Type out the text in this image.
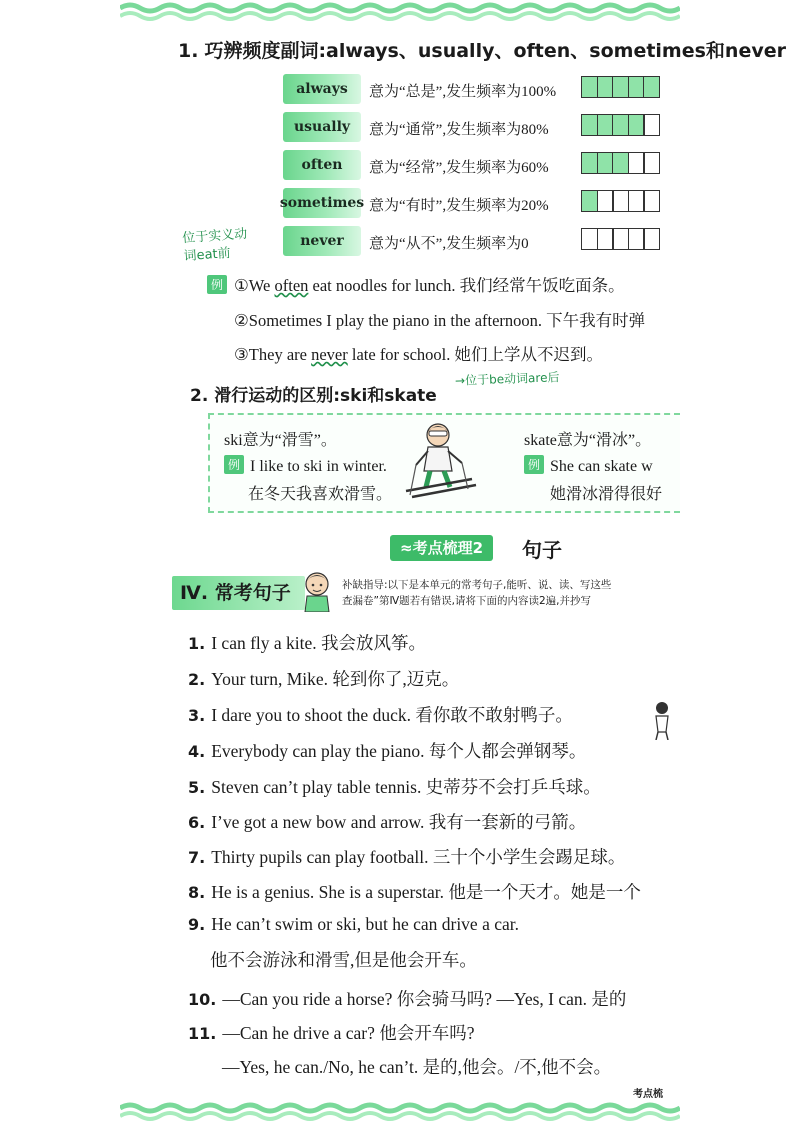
1. 巧辨频度副词:always、usually、often、sometimes和never
always	意为“总是”,发生频率为100%
usually	意为“通常”,发生频率为80%
often	意为“经常”,发生频率为60%
sometimes 意为“有时”,发生频率为20%
never	意为“从不”,发生频率为0
位于实义动
词eat前
例 ①We often eat noodles for lunch. 我们经常午饭吃面条。
②Sometimes I play the piano in the afternoon. 下午我有时弹
③They are never late for school. 她们上学从不迟到。
2. 滑行运动的区别:ski和skate
→位于be动词are后
ski意为“滑雪”。
例 I like to ski in winter.
在冬天我喜欢滑雪。
skate意为“滑冰”。
例 She can skate w
她滑冰滑得很好
≈考点梳理2	句子
Ⅳ. 常考句子	补缺指导:以下是本单元的常考句子,能听、说、读、写这些
查漏卷”第Ⅳ题若有错误,请将下面的内容读2遍,并抄写
1. I can fly a kite. 我会放风筝。
2. Your turn, Mike. 轮到你了,迈克。
3. I dare you to shoot the duck. 看你敢不敢射鸭子。
4. Everybody can play the piano. 每个人都会弹钢琴。
5. Steven can’t play table tennis. 史蒂芬不会打乒乓球。
6. I’ve got a new bow and arrow. 我有一套新的弓箭。
7. Thirty pupils can play football. 三十个小学生会踢足球。
8. He is a genius. She is a superstar. 他是一个天才。她是一个
9. He can’t swim or ski, but he can drive a car.
他不会游泳和滑雪,但是他会开车。
10. —Can you ride a horse? 你会骑马吗? —Yes, I can. 是的
11. —Can he drive a car? 他会开车吗?
—Yes, he can./No, he can’t. 是的,他会。/不,他不会。
考点梳
